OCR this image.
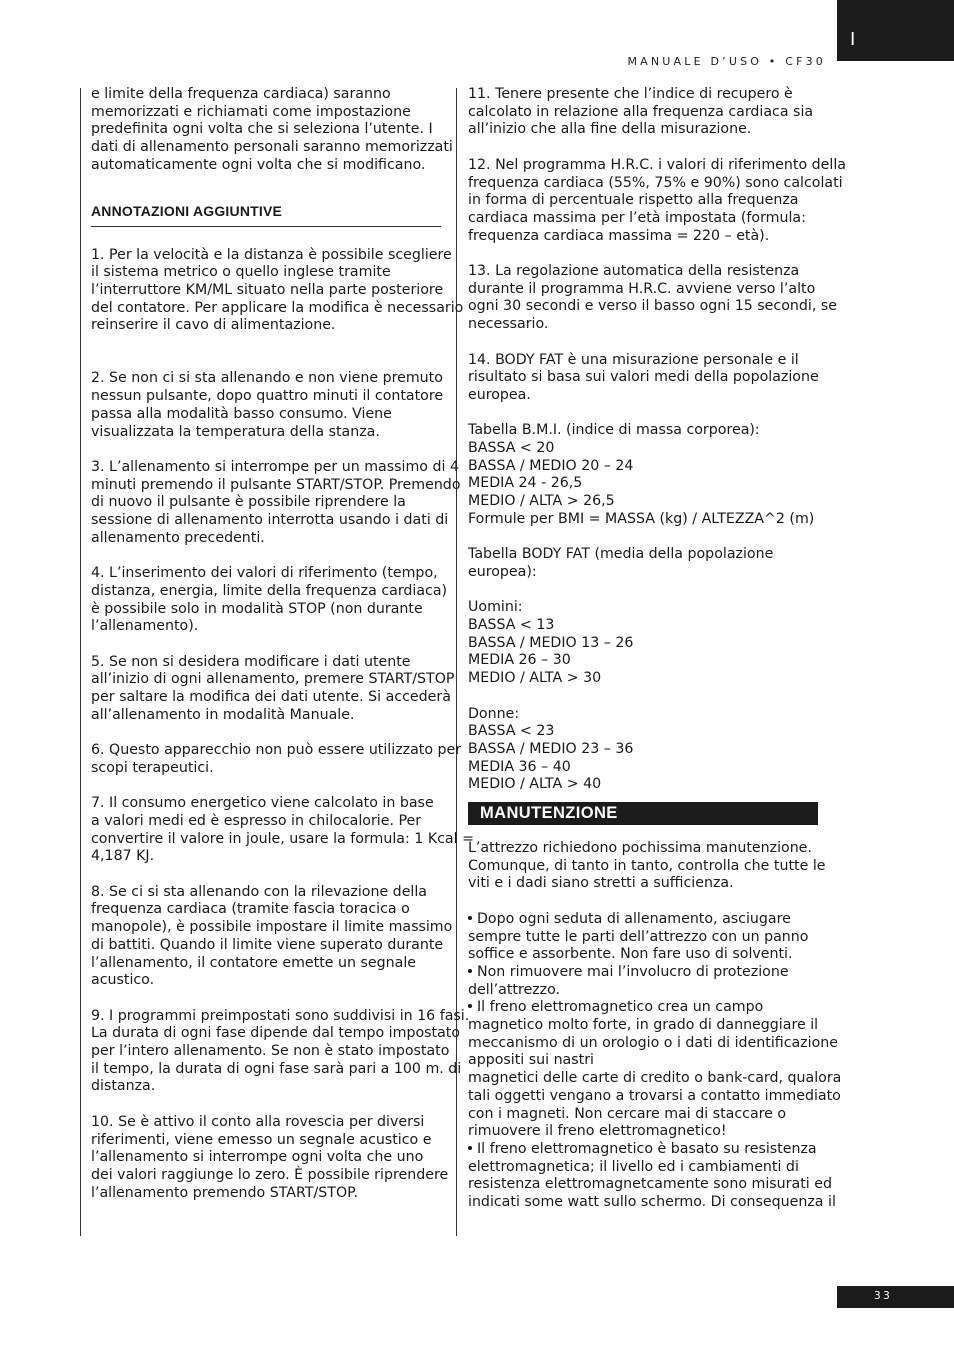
I
MANUALE D’USO • CF30
e limite della frequenza cardiaca) saranno
memorizzati e richiamati come impostazione
predefinita ogni volta che si seleziona l’utente. I
dati di allenamento personali saranno memorizzati
automaticamente ogni volta che si modificano.
ANNOTAZIONI AGGIUNTIVE
1. Per la velocità e la distanza è possibile scegliere
il sistema metrico o quello inglese tramite
l’interruttore KM/ML situato nella parte posteriore
del contatore. Per applicare la modifica è necessario
reinserire il cavo di alimentazione.
2. Se non ci si sta allenando e non viene premuto
nessun pulsante, dopo quattro minuti il contatore
passa alla modalità basso consumo. Viene
visualizzata la temperatura della stanza.
3. L’allenamento si interrompe per un massimo di 4
minuti premendo il pulsante START/STOP. Premendo
di nuovo il pulsante è possibile riprendere la
sessione di allenamento interrotta usando i dati di
allenamento precedenti.
4. L’inserimento dei valori di riferimento (tempo,
distanza, energia, limite della frequenza cardiaca)
è possibile solo in modalità STOP (non durante
l’allenamento).
5. Se non si desidera modificare i dati utente
all’inizio di ogni allenamento, premere START/STOP
per saltare la modifica dei dati utente. Si accederà
all’allenamento in modalità Manuale.
6. Questo apparecchio non può essere utilizzato per
scopi terapeutici.
7. Il consumo energetico viene calcolato in base
a valori medi ed è espresso in chilocalorie. Per
convertire il valore in joule, usare la formula: 1 Kcal =
4,187 KJ.
8. Se ci si sta allenando con la rilevazione della
frequenza cardiaca (tramite fascia toracica o
manopole), è possibile impostare il limite massimo
di battiti. Quando il limite viene superato durante
l’allenamento, il contatore emette un segnale
acustico.
9. I programmi preimpostati sono suddivisi in 16 fasi.
La durata di ogni fase dipende dal tempo impostato
per l’intero allenamento. Se non è stato impostato
il tempo, la durata di ogni fase sarà pari a 100 m. di
distanza.
10. Se è attivo il conto alla rovescia per diversi
riferimenti, viene emesso un segnale acustico e
l’allenamento si interrompe ogni volta che uno
dei valori raggiunge lo zero. È possibile riprendere
l’allenamento premendo START/STOP.
11. Tenere presente che l’indice di recupero è
calcolato in relazione alla frequenza cardiaca sia
all’inizio che alla fine della misurazione.
12. Nel programma H.R.C. i valori di riferimento della
frequenza cardiaca (55%, 75% e 90%) sono calcolati
in forma di percentuale rispetto alla frequenza
cardiaca massima per l’età impostata (formula:
frequenza cardiaca massima = 220 – età).
13. La regolazione automatica della resistenza
durante il programma H.R.C. avviene verso l’alto
ogni 30 secondi e verso il basso ogni 15 secondi, se
necessario.
14. BODY FAT è una misurazione personale e il
risultato si basa sui valori medi della popolazione
europea.
Tabella B.M.I. (indice di massa corporea):
BASSA < 20
BASSA / MEDIO 20 – 24
MEDIA 24 - 26,5
MEDIO / ALTA > 26,5
Formule per BMI = MASSA (kg) / ALTEZZA^2 (m)
Tabella BODY FAT (media della popolazione
europea):
Uomini:
BASSA < 13
BASSA / MEDIO 13 – 26
MEDIA 26 – 30
MEDIO / ALTA > 30
Donne:
BASSA < 23
BASSA / MEDIO 23 – 36
MEDIA 36 – 40
MEDIO / ALTA > 40
MANUTENZIONE
L’attrezzo richiedono pochissima manutenzione.
Comunque, di tanto in tanto, controlla che tutte le
viti e i dadi siano stretti a sufficienza.
Dopo ogni seduta di allenamento, asciugare
sempre tutte le parti dell’attrezzo con un panno
soffice e assorbente. Non fare uso di solventi.
Non rimuovere mai l’involucro di protezione
dell’attrezzo.
Il freno elettromagnetico crea un campo
magnetico molto forte, in grado di danneggiare il
meccanismo di un orologio o i dati di identificazione
appositi sui nastri
magnetici delle carte di credito o bank-card, qualora
tali oggetti vengano a trovarsi a contatto immediato
con i magneti. Non cercare mai di staccare o
rimuovere il freno elettromagnetico!
Il freno elettromagnetico è basato su resistenza
elettromagnetica; il livello ed i cambiamenti di
resistenza elettromagnetcamente sono misurati ed
indicati some watt sullo schermo. Di consequenza il
33
